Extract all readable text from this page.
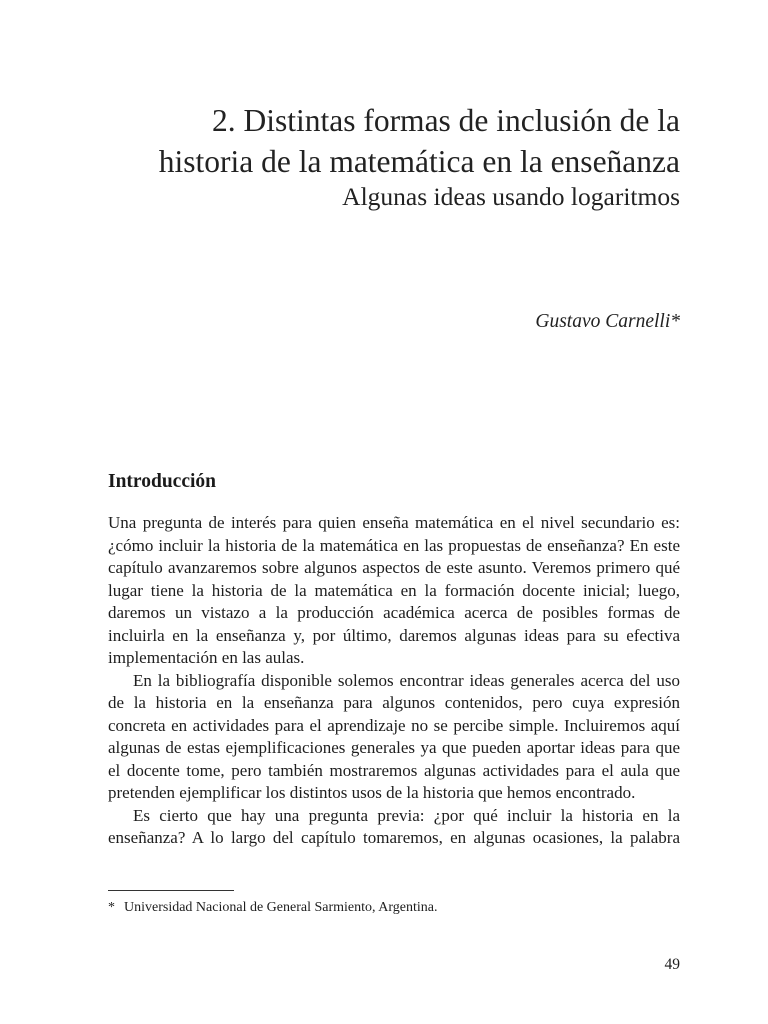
2. Distintas formas de inclusión de la
historia de la matemática en la enseñanza
Algunas ideas usando logaritmos

Gustavo Carnelli*

Introducción

Una pregunta de interés para quien enseña matemática en el nivel secundario es: ¿cómo incluir la historia de la matemática en las propuestas de enseñanza? En este capítulo avanzaremos sobre algunos aspectos de este asunto. Veremos primero qué lugar tiene la historia de la matemática en la formación docente inicial; luego, daremos un vistazo a la producción académica acerca de posibles formas de incluirla en la enseñanza y, por último, daremos algunas ideas para su efectiva implementación en las aulas.

En la bibliografía disponible solemos encontrar ideas generales acerca del uso de la historia en la enseñanza para algunos contenidos, pero cuya expresión concreta en actividades para el aprendizaje no se percibe simple. Incluiremos aquí algunas de estas ejemplificaciones generales ya que pueden aportar ideas para que el docente tome, pero también mostraremos algunas actividades para el aula que pretenden ejemplificar los distintos usos de la historia que hemos encontrado.

Es cierto que hay una pregunta previa: ¿por qué incluir la historia en la enseñanza? A lo largo del capítulo tomaremos, en algunas ocasiones, la palabra

* Universidad Nacional de General Sarmiento, Argentina.
49
